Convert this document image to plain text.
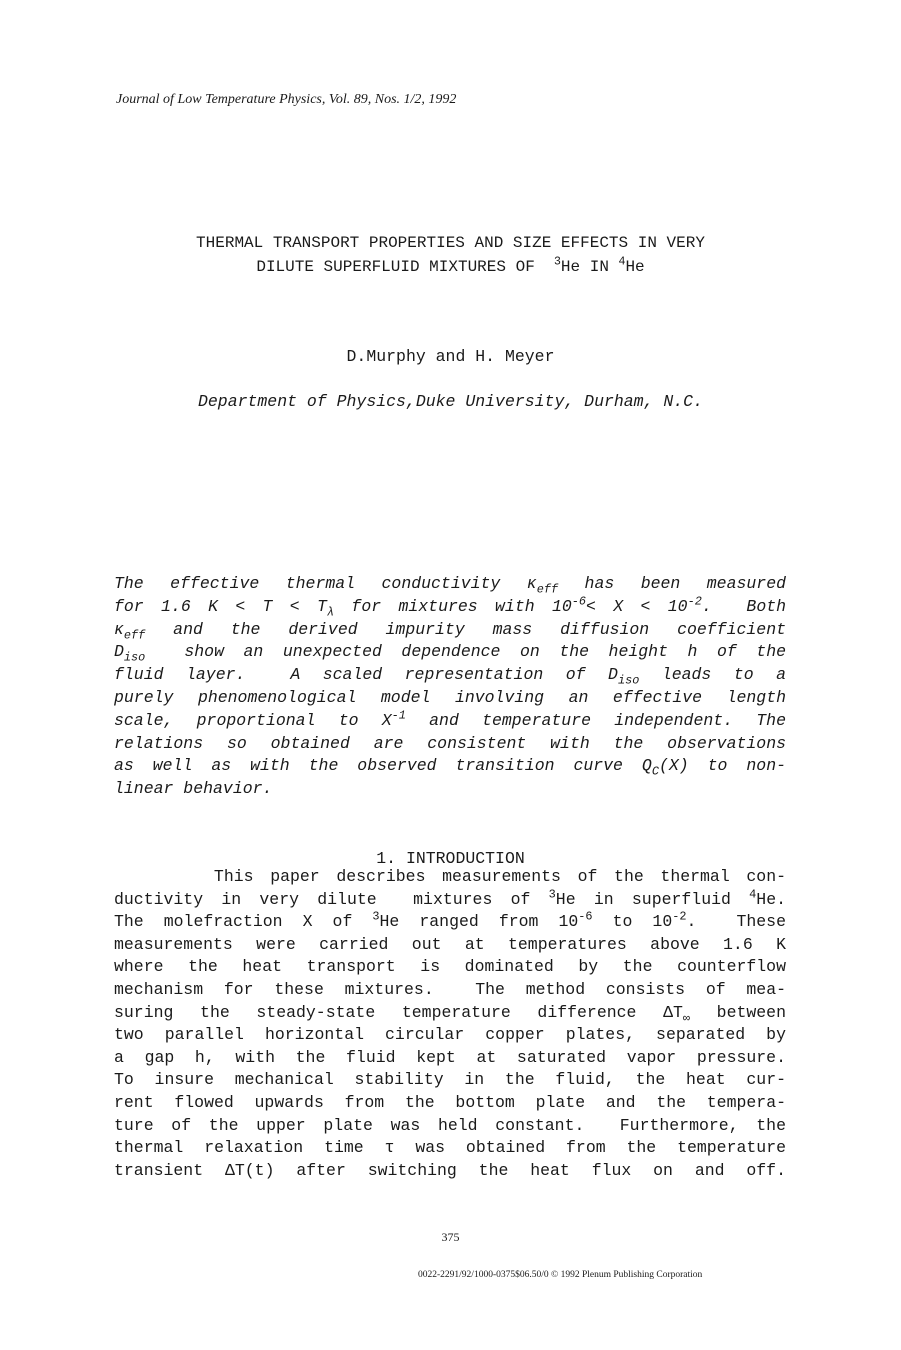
Journal of Low Temperature Physics, Vol. 89, Nos. 1/2, 1992
THERMAL TRANSPORT PROPERTIES AND SIZE EFFECTS IN VERY
DILUTE SUPERFLUID MIXTURES OF  $^3$He IN $^4$He
D.Murphy and H. Meyer
Department of Physics,Duke University, Durham, N.C.
The effective thermal conductivity $\kappa_{eff}$ has been measured
for 1.6 $K < T < T_\lambda$ for mixtures with $10^{-6}< X < 10^{-2}$.  Both
$\kappa_{eff}$ and the derived impurity mass diffusion coefficient
$D_{iso}$  show an unexpected dependence on the height h of the
fluid layer.  A scaled representation of $D_{iso}$ leads to a
purely phenomenological model involving an effective length
scale, proportional to $X^{-1}$ and temperature independent. The
relations so obtained are consistent with the observations
as well as with the observed transition curve $Q_C(X)$ to non-
linear behavior.
1. INTRODUCTION
This paper describes measurements of the thermal con-
ductivity in very dilute  mixtures of $^3$He in superfluid $^4$He.
The molefraction X of $^3$He ranged from $10^{-6}$ to $10^{-2}$.  These
measurements were carried out at temperatures above 1.6 K
where the heat transport is dominated by the counterflow
mechanism for these mixtures.  The method consists of mea-
suring the steady-state temperature difference $\Delta T_\infty$ between
two parallel horizontal circular copper plates, separated by
a gap h, with the fluid kept at saturated vapor pressure.
To insure mechanical stability in the fluid, the heat cur-
rent flowed upwards from the bottom plate and the tempera-
ture of the upper plate was held constant.  Furthermore, the
thermal relaxation time τ was obtained from the temperature
transient ΔT(t) after switching the heat flux on and off.
375
0022-2291/92/1000-0375$06.50/0 © 1992 Plenum Publishing Corporation
